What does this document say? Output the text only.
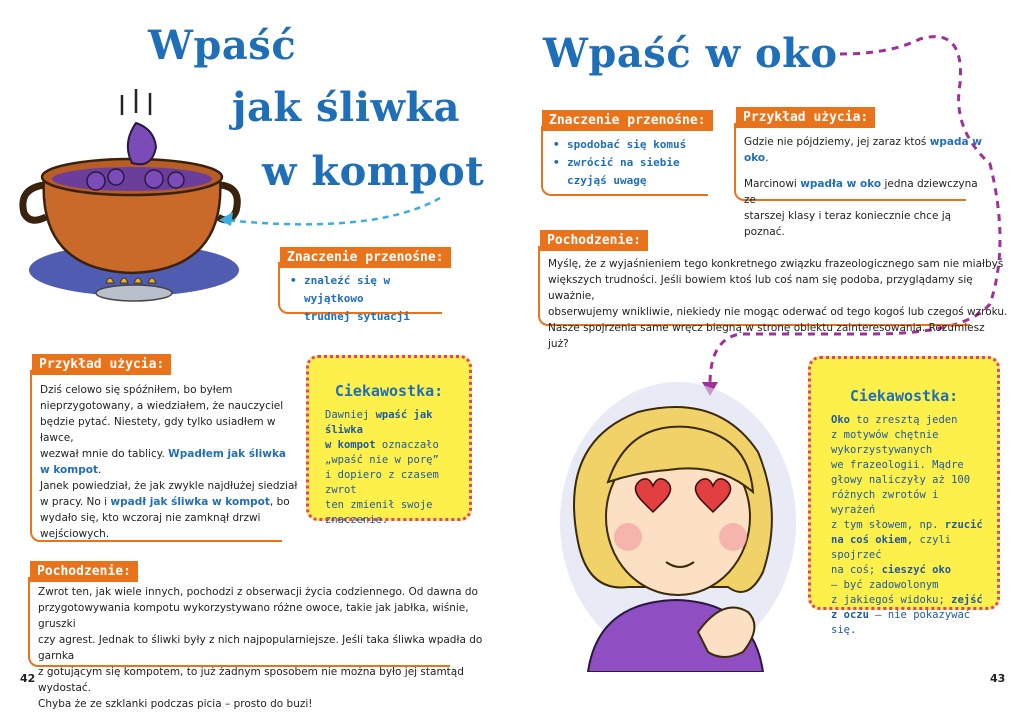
Wpaść
jak śliwka
w kompot
Znaczenie przenośne:
• znaleźć się w wyjątkowo
trudnej sytuacji
Przykład użycia:
Dziś celowo się spóźniłem, bo byłem
nieprzygotowany, a wiedziałem, że nauczyciel
będzie pytać. Niestety, gdy tylko usiadłem w ławce,
wezwał mnie do tablicy. Wpadłem jak śliwka
w kompot.
Janek powiedział, że jak zwykle najdłużej siedział
w pracy. No i wpadł jak śliwka w kompot, bo
wydało się, kto wczoraj nie zamknął drzwi
wejściowych.
Ciekawostka:
Dawniej wpaść jak śliwka
w kompot oznaczało
„wpaść nie w porę”
i dopiero z czasem zwrot
ten zmienił swoje
znaczenie.
Pochodzenie:
Zwrot ten, jak wiele innych, pochodzi z obserwacji życia codziennego. Od dawna do
przygotowywania kompotu wykorzystywano różne owoce, takie jak jabłka, wiśnie, gruszki
czy agrest. Jednak to śliwki były z nich najpopularniejsze. Jeśli taka śliwka wpadła do garnka
z gotującym się kompotem, to już żadnym sposobem nie można było jej stamtąd wydostać.
Chyba że ze szklanki podczas picia – prosto do buzi!
42
Wpaść w oko
Znaczenie przenośne:
• spodobać się komuś
• zwrócić na siebie
czyjąś uwagę
Przykład użycia:
Gdzie nie pójdziemy, jej zaraz ktoś wpada w oko.
Marcinowi wpadła w oko jedna dziewczyna ze
starszej klasy i teraz koniecznie chce ją poznać.
Pochodzenie:
Myślę, że z wyjaśnieniem tego konkretnego związku frazeologicznego sam nie miałbyś
większych trudności. Jeśli bowiem ktoś lub coś nam się podoba, przyglądamy się uważnie,
obserwujemy wnikliwie, niekiedy nie mogąc oderwać od tego kogoś lub czegoś wzroku.
Nasze spojrzenia same wręcz biegną w stronę obiektu zainteresowania. Rozumiesz już?
Ciekawostka:
Oko to zresztą jeden
z motywów chętnie
wykorzystywanych
we frazeologii. Mądre
głowy naliczyły aż 100
różnych zwrotów i wyrażeń
z tym słowem, np. rzucić
na coś okiem, czyli spojrzeć
na coś; cieszyć oko
– być zadowolonym
z jakiegoś widoku; zejść
z oczu – nie pokazywać się.
43
